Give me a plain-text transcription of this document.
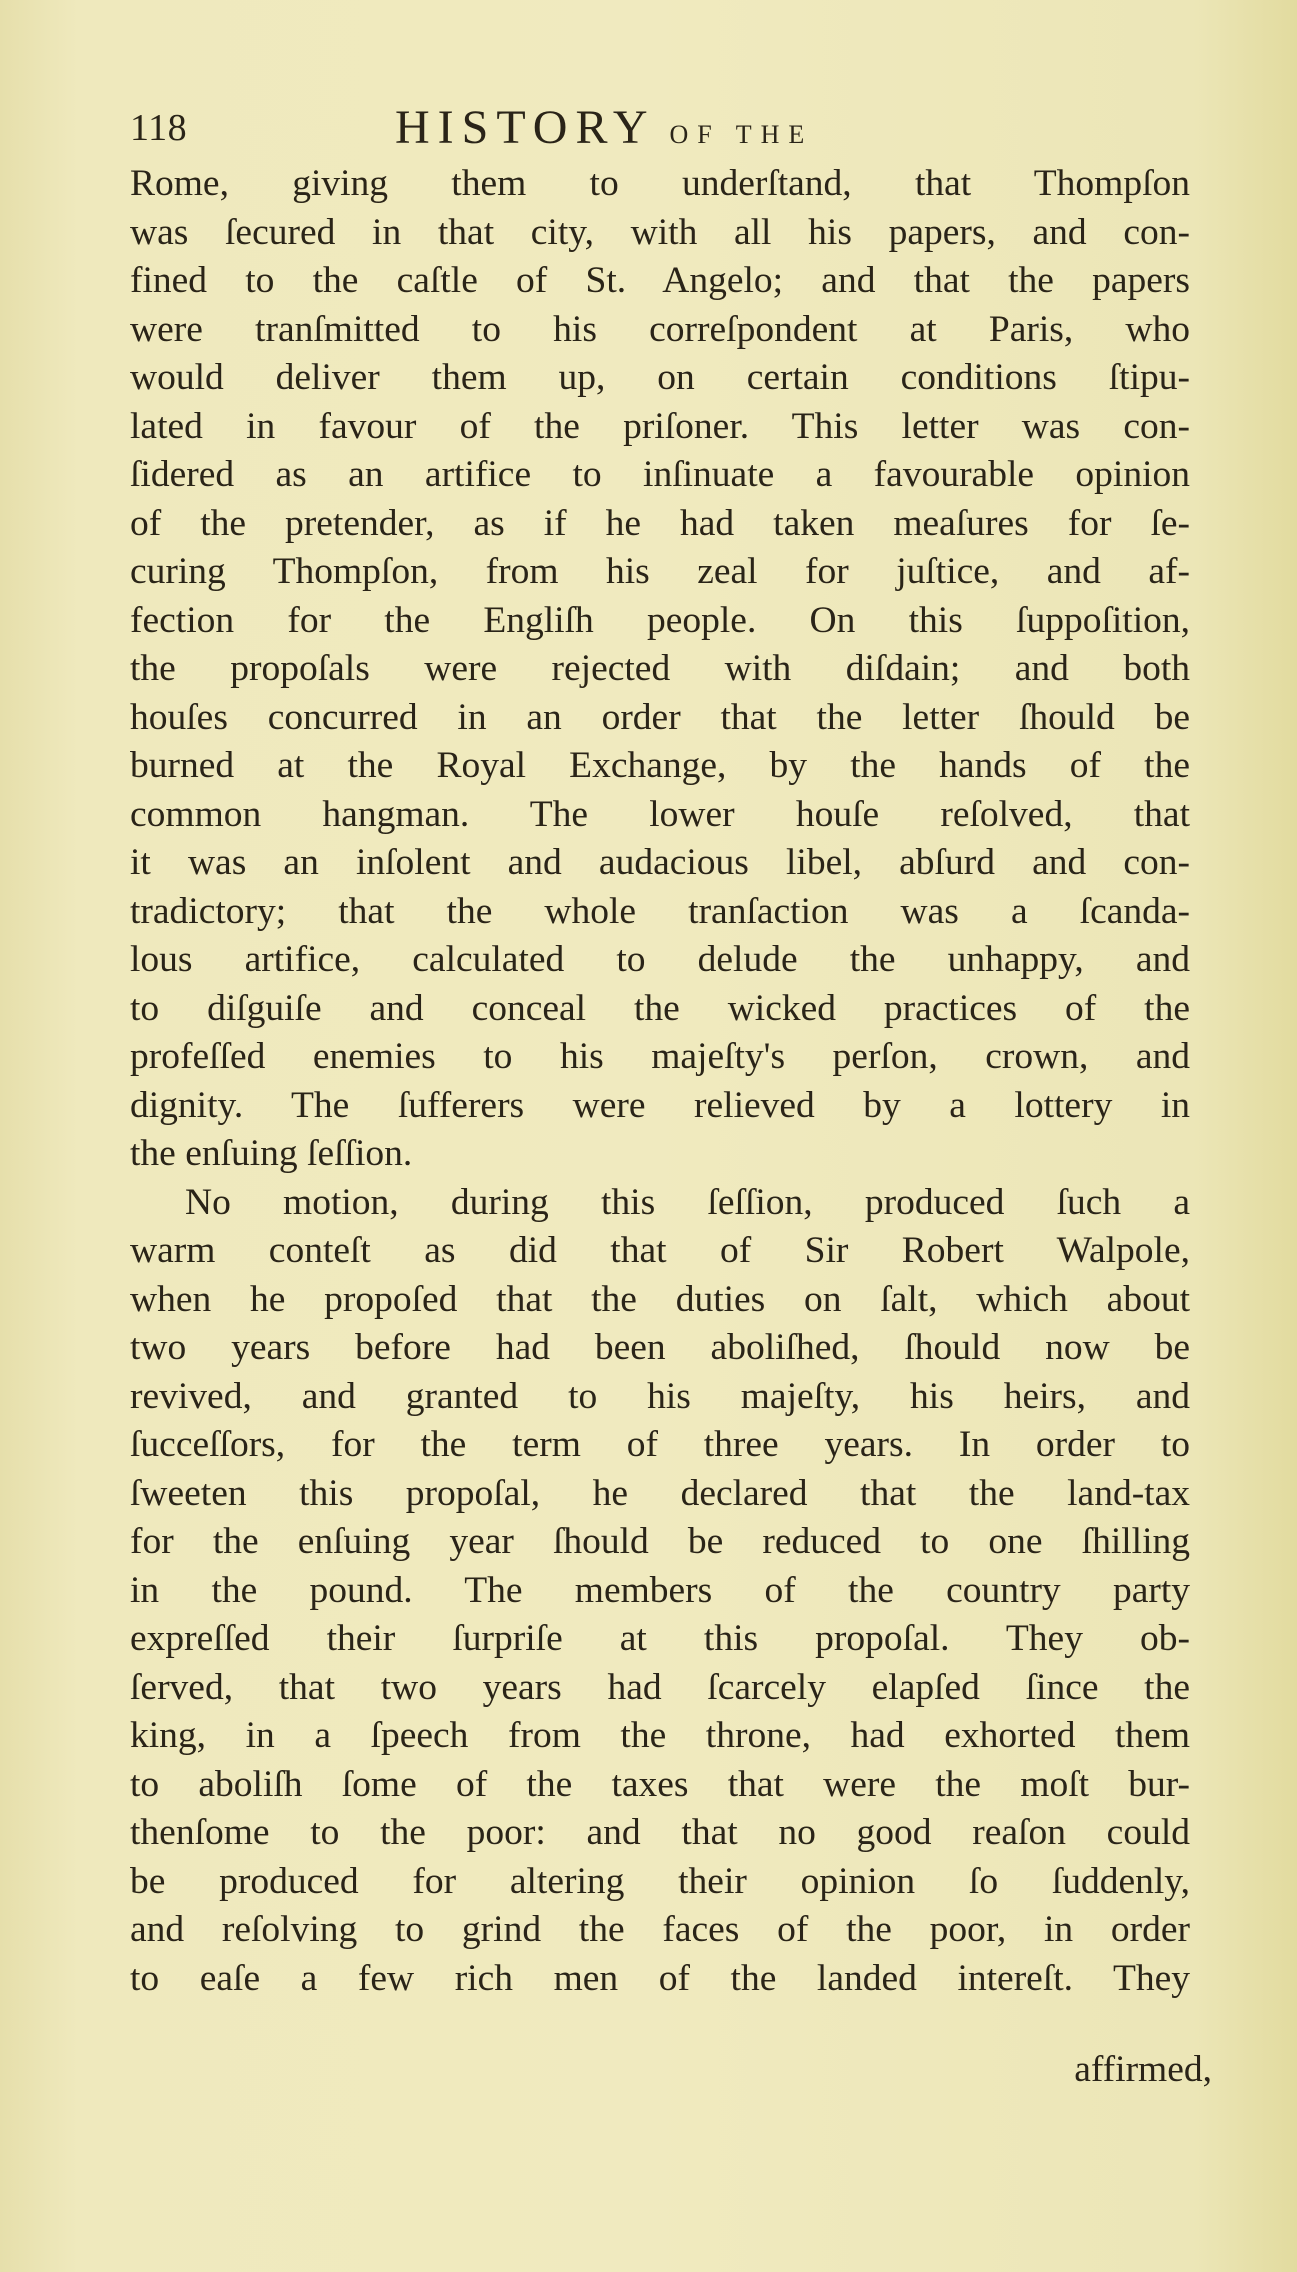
118	HISTORY OF THE
Rome, giving them to underſtand, that Thompſon
was ſecured in that city, with all his papers, and con-
fined to the caſtle of St. Angelo; and that the papers
were tranſmitted to his correſpondent at Paris, who
would deliver them up, on certain conditions ſtipu-
lated in favour of the priſoner. This letter was con-
ſidered as an artifice to inſinuate a favourable opinion
of the pretender, as if he had taken meaſures for ſe-
curing Thompſon, from his zeal for juſtice, and af-
fection for the Engliſh people. On this ſuppoſition,
the propoſals were rejected with diſdain; and both
houſes concurred in an order that the letter ſhould be
burned at the Royal Exchange, by the hands of the
common hangman. The lower houſe reſolved, that
it was an inſolent and audacious libel, abſurd and con-
tradictory; that the whole tranſaction was a ſcanda-
lous artifice, calculated to delude the unhappy, and
to diſguiſe and conceal the wicked practices of the
profeſſed enemies to his majeſty's perſon, crown, and
dignity. The ſufferers were relieved by a lottery in
the enſuing ſeſſion.
No motion, during this ſeſſion, produced ſuch a
warm conteſt as did that of Sir Robert Walpole,
when he propoſed that the duties on ſalt, which about
two years before had been aboliſhed, ſhould now be
revived, and granted to his majeſty, his heirs, and
ſucceſſors, for the term of three years. In order to
ſweeten this propoſal, he declared that the land-tax
for the enſuing year ſhould be reduced to one ſhilling
in the pound. The members of the country party
expreſſed their ſurpriſe at this propoſal. They ob-
ſerved, that two years had ſcarcely elapſed ſince the
king, in a ſpeech from the throne, had exhorted them
to aboliſh ſome of the taxes that were the moſt bur-
thenſome to the poor: and that no good reaſon could
be produced for altering their opinion ſo ſuddenly,
and reſolving to grind the faces of the poor, in order
to eaſe a few rich men of the landed intereſt. They
affirmed,
